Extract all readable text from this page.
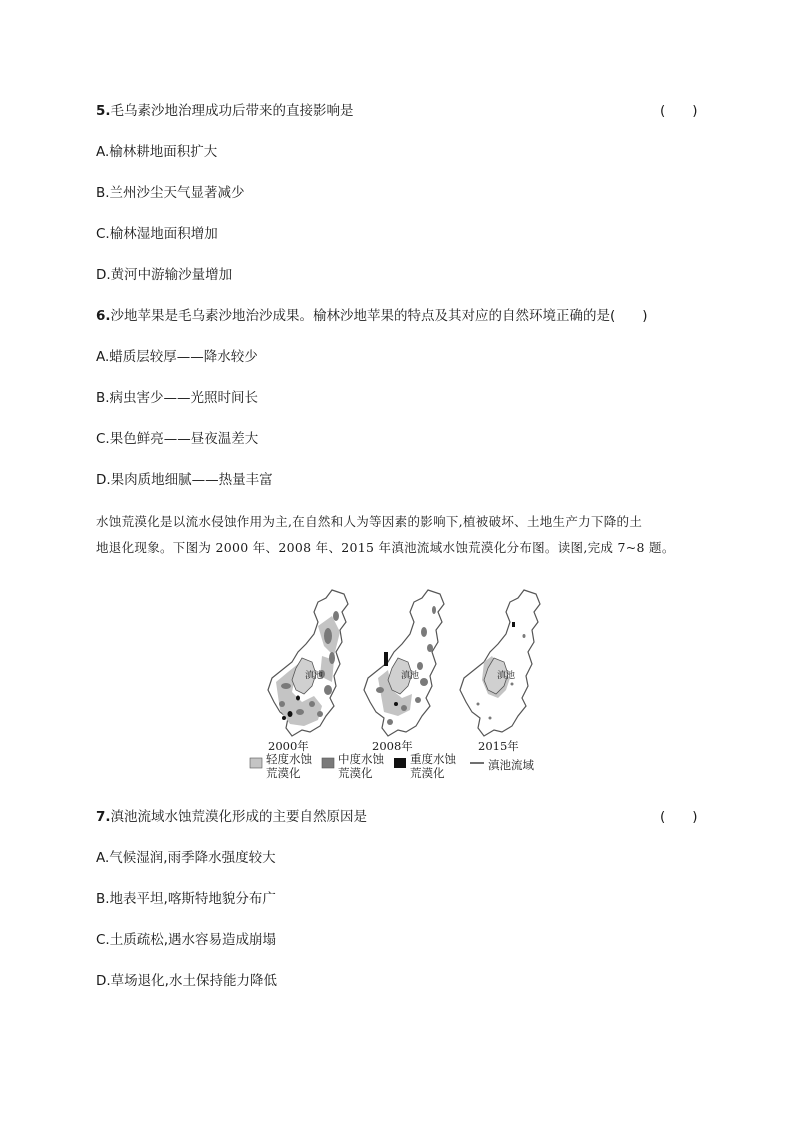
5.毛乌素沙地治理成功后带来的直接影响是	(　　)
A.榆林耕地面积扩大
B.兰州沙尘天气显著减少
C.榆林湿地面积增加
D.黄河中游输沙量增加
6.沙地苹果是毛乌素沙地治沙成果。榆林沙地苹果的特点及其对应的自然环境正确的是(　　)
A.蜡质层较厚——降水较少
B.病虫害少——光照时间长
C.果色鲜亮——昼夜温差大
D.果肉质地细腻——热量丰富
水蚀荒漠化是以流水侵蚀作用为主,在自然和人为等因素的影响下,植被破坏、土地生产力下降的土
地退化现象。下图为 2000 年、2008 年、2015 年滇池流域水蚀荒漠化分布图。读图,完成 7~8 题。
滇池	滇池	滇池
2000年	2008年	2015年
轻度水蚀
荒漠化
中度水蚀
荒漠化
重度水蚀
荒漠化
滇池流域
7.滇池流域水蚀荒漠化形成的主要自然原因是	(　　)
A.气候湿润,雨季降水强度较大
B.地表平坦,喀斯特地貌分布广
C.土质疏松,遇水容易造成崩塌
D.草场退化,水土保持能力降低
